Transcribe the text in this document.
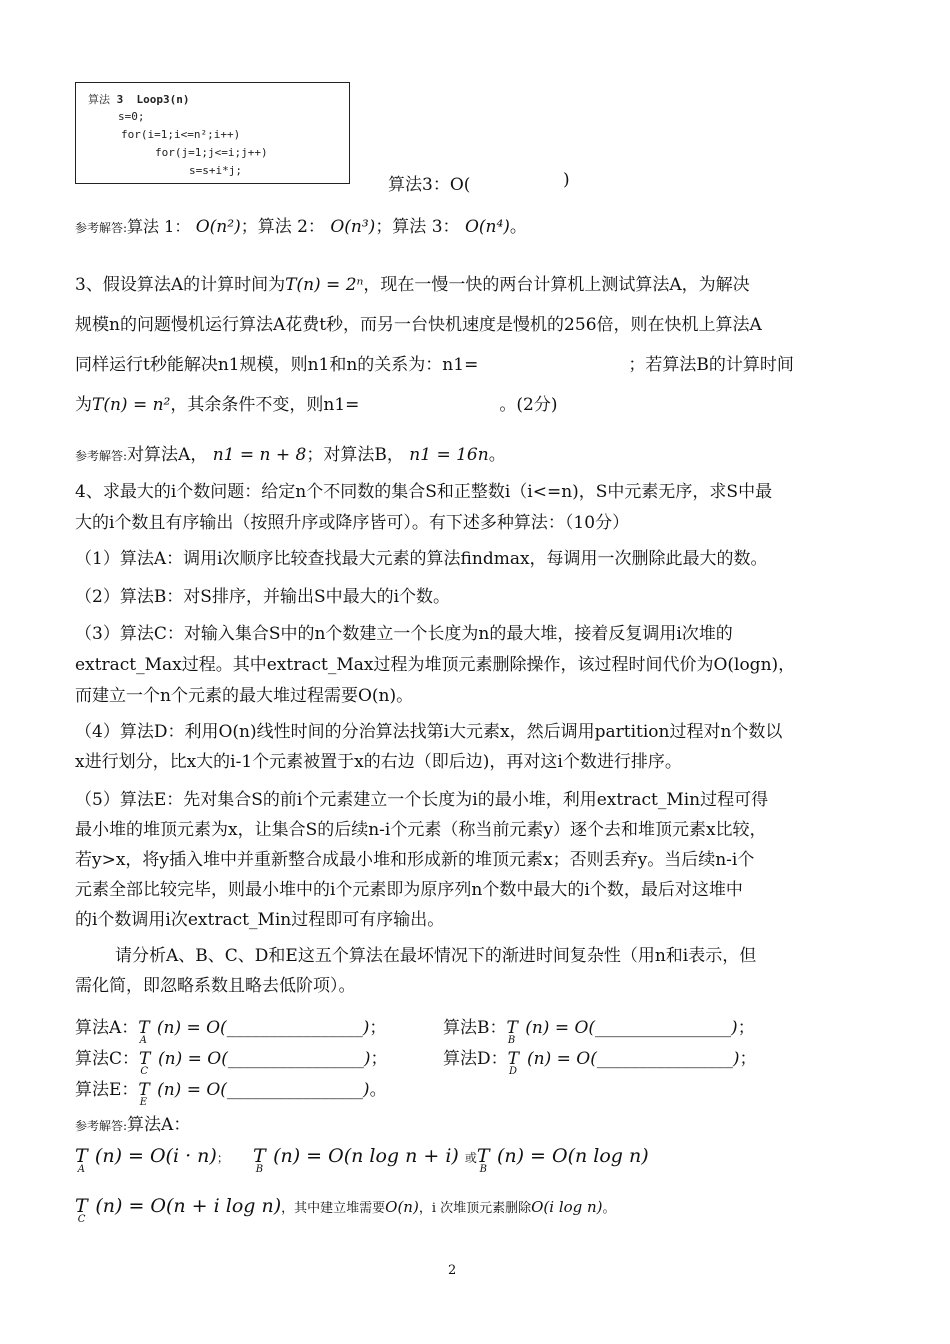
算法 3 Loop3(n)
s=0;
for(i=1;i<=n²;i++)
for(j=1;j<=i;j++)
s=s+i*j;
算法3：O(	)
参考解答:算法 1： O(n²)；算法 2： O(n³)；算法 3： O(n⁴)。
3、假设算法A的计算时间为T(n) = 2ⁿ，现在一慢一快的两台计算机上测试算法A，为解决
规模n的问题慢机运行算法A花费t秒，而另一台快机速度是慢机的256倍，则在快机上算法A
同样运行t秒能解决n1规模，则n1和n的关系为：n1=	；若算法B的计算时间
为T(n) = n²，其余条件不变，则n1=	。(2分)
参考解答:对算法A， n1 = n + 8；对算法B， n1 = 16n。
4、求最大的i个数问题：给定n个不同数的集合S和正整数i（i<=n)，S中元素无序，求S中最
大的i个数且有序输出（按照升序或降序皆可）。有下述多种算法：（10分）
（1）算法A：调用i次顺序比较查找最大元素的算法findmax，每调用一次删除此最大的数。
（2）算法B：对S排序，并输出S中最大的i个数。
（3）算法C：对输入集合S中的n个数建立一个长度为n的最大堆，接着反复调用i次堆的
extract_Max过程。其中extract_Max过程为堆顶元素删除操作，该过程时间代价为O(logn)，
而建立一个n个元素的最大堆过程需要O(n)。
（4）算法D：利用O(n)线性时间的分治算法找第i大元素x，然后调用partition过程对n个数以
x进行划分，比x大的i-1个元素被置于x的右边（即后边)，再对这i个数进行排序。
（5）算法E：先对集合S的前i个元素建立一个长度为i的最小堆，利用extract_Min过程可得
最小堆的堆顶元素为x，让集合S的后续n-i个元素（称当前元素y）逐个去和堆顶元素x比较，
若y>x，将y插入堆中并重新整合成最小堆和形成新的堆顶元素x；否则丢弃y。当后续n-i个
元素全部比较完毕，则最小堆中的i个元素即为原序列n个数中最大的i个数，最后对这堆中
的i个数调用i次extract_Min过程即可有序输出。
请分析A、B、C、D和E这五个算法在最坏情况下的渐进时间复杂性（用n和i表示，但
需化简，即忽略系数且略去低阶项）。
算法A：$T_A(n)$ = O(________________)；	算法B：$T_B(n)$ = O(________________)；
算法C：$T_C(n)$ = O(________________)；	算法D：$T_D(n)$ = O(________________)；
算法E：$T_E(n)$ = O(________________)。
参考解答:算法A：
$T_A(n) = O(i \cdot n)$； $T_B(n) = O(n$ log n + i) 或$T_B(n) = O(n$ log n)
$T_C(n) = O(n + i$ log n)，其中建立堆需要O(n)，i 次堆顶元素删除O(i log n)。
2
